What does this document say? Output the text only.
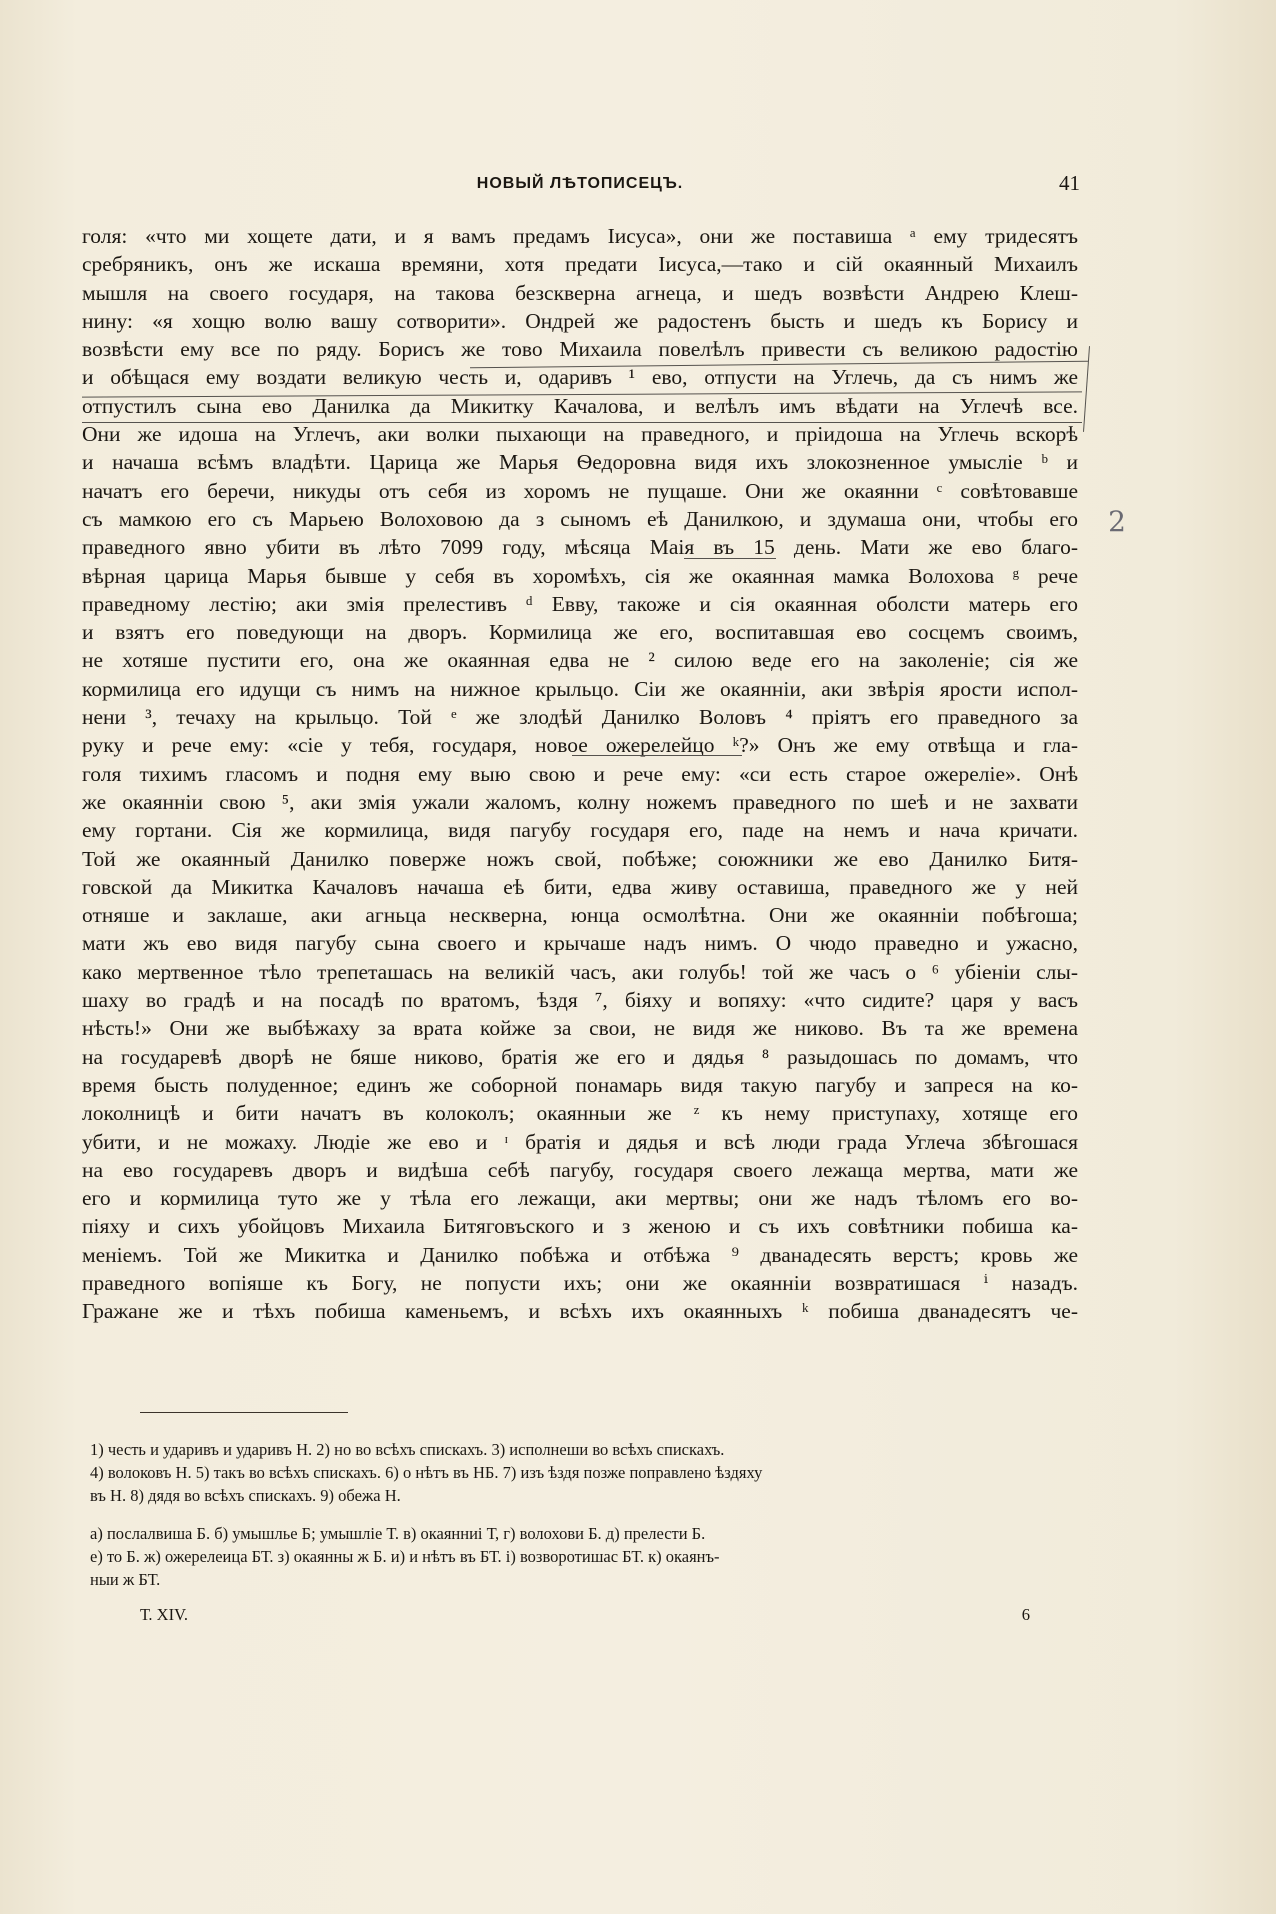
НОВЫЙ ЛѢТОПИСЕЦЪ.	41
голя: «что ми хощете дати, и я вамъ предамъ Іисуса», они же поставиша ᵃ ему тридесятъ
сребряникъ, онъ же искаша времяни, хотя предати Іисуса,—тако и сій окаянный Михаилъ
мышля на своего государя, на такова безскверна агнеца, и шедъ возвѣсти Андрею Клеш-
нину: «я хощю волю вашу сотворити». Ондрей же радостенъ бысть и шедъ къ Борису и
возвѣсти ему все по ряду. Борисъ же тово Михаила повелѣлъ привести съ великою радостію
и обѣщася ему воздати великую честь и, одаривъ ¹ ево, отпусти на Углечь, да съ нимъ же
отпустилъ сына ево Данилка да Микитку Качалова, и велѣлъ имъ вѣдати на Углечѣ все.
Они же идоша на Углечъ, аки волки пыхающи на праведного, и пріидоша на Углечь вскорѣ
и начаша всѣмъ владѣти. Царица же Марья Ѳедоровна видя ихъ злокозненное умысліе ᵇ и
начатъ его беречи, никуды отъ себя из хоромъ не пущаше. Они же окаянни ᶜ совѣтовавше
съ мамкою его съ Марьею Волоховою да з сыномъ еѣ Данилкою, и здумаша они, чтобы его
праведного явно убити въ лѣто 7099 году, мѣсяца Маія въ 15 день. Мати же ево благо-
вѣрная царица Марья бывше у себя въ хоромѣхъ, сія же окаянная мамка Волохова ᵍ рече
праведному лестію; аки змія прелестивъ ᵈ Евву, такоже и сія окаянная оболсти матерь его
и взятъ его поведующи на дворъ. Кормилица же его, воспитавшая ево сосцемъ своимъ,
не хотяше пустити его, она же окаянная едва не ² силою веде его на заколеніе; сія же
кормилица его идущи съ нимъ на нижное крыльцо. Сіи же окаянніи, аки звѣрія ярости испол-
нени ³, течаху на крыльцо. Той ᵉ же злодѣй Данилко Воловъ ⁴ пріятъ его праведного за
руку и рече ему: «сіе у тебя, государя, новое ожерелейцо ᵏ?» Онъ же ему отвѣща и гла-
голя тихимъ гласомъ и подня ему выю свою и рече ему: «си есть старое ожереліе». Онѣ
же окаянніи свою ⁵, аки змія ужали жаломъ, колну ножемъ праведного по шеѣ и не захвати
ему гортани. Сія же кормилица, видя пагубу государя его, паде на немъ и нача кричати.
Той же окаянный Данилко поверже ножъ свой, побѣже; союжники же ево Данилко Битя-
говской да Микитка Качаловъ начаша еѣ бити, едва живу оставиша, праведного же у ней
отняше и заклаше, аки агньца нескверна, юнца осмолѣтна. Они же окаянніи побѣгоша;
мати жъ ево видя пагубу сына своего и крычаше надъ нимъ. О чюдо праведно и ужасно,
како мертвенное тѣло трепеташась на великій часъ, аки голубь! той же часъ о ⁶ убіеніи слы-
шаху во градѣ и на посадѣ по вратомъ, ѣздя ⁷, біяху и вопяху: «что сидите? царя у васъ
нѣсть!» Они же выбѣжаху за врата койже за свои, не видя же никово. Въ та же времена
на государевѣ дворѣ не бяше никово, братія же его и дядья ⁸ разыдошась по домамъ, что
время бысть полуденное; единъ же соборной понамарь видя такую пагубу и запреся на ко-
локолницѣ и бити начатъ въ колоколъ; окаянныи же ᶻ къ нему приступаху, хотяще его
убити, и не можаху. Людіе же ево и ᶦ братія и дядья и всѣ люди града Углеча збѣгошася
на ево государевъ дворъ и видѣша себѣ пагубу, государя своего лежаща мертва, мати же
его и кормилица туто же у тѣла его лежащи, аки мертвы; они же надъ тѣломъ его во-
піяху и сихъ убойцовъ Михаила Битяговъского и з женою и съ ихъ совѣтники побиша ка-
меніемъ. Той же Микитка и Данилко побѣжа и отбѣжа ⁹ дванадесять верстъ; кровь же
праведного вопіяше къ Богу, не попусти ихъ; они же окаянніи возвратишася ⁱ назадъ.
Гражане же и тѣхъ побиша каменьемъ, и всѣхъ ихъ окаянныхъ ᵏ побиша дванадесятъ че-
2
1) честь и ударивъ и ударивъ Н. 2) но во всѣхъ спискахъ. 3) исполнеши во всѣхъ спискахъ.
4) волоковъ Н. 5) такъ во всѣхъ спискахъ. 6) о нѣтъ въ НБ. 7) изъ ѣздя позже поправлено ѣздяху
въ Н. 8) дядя во всѣхъ спискахъ. 9) обежа Н.
а) послалвиша Б. б) умышльe Б; умышліе Т. в) окаянниі Т, г) волохови Б. д) прелести Б.
е) то Б. ж) ожерелеица БТ. з) окаянны ж Б. и) и нѣтъ въ БТ. і) возворотишас БТ. к) окаянъ-
ныи ж БТ.
Т. XIV.	6
